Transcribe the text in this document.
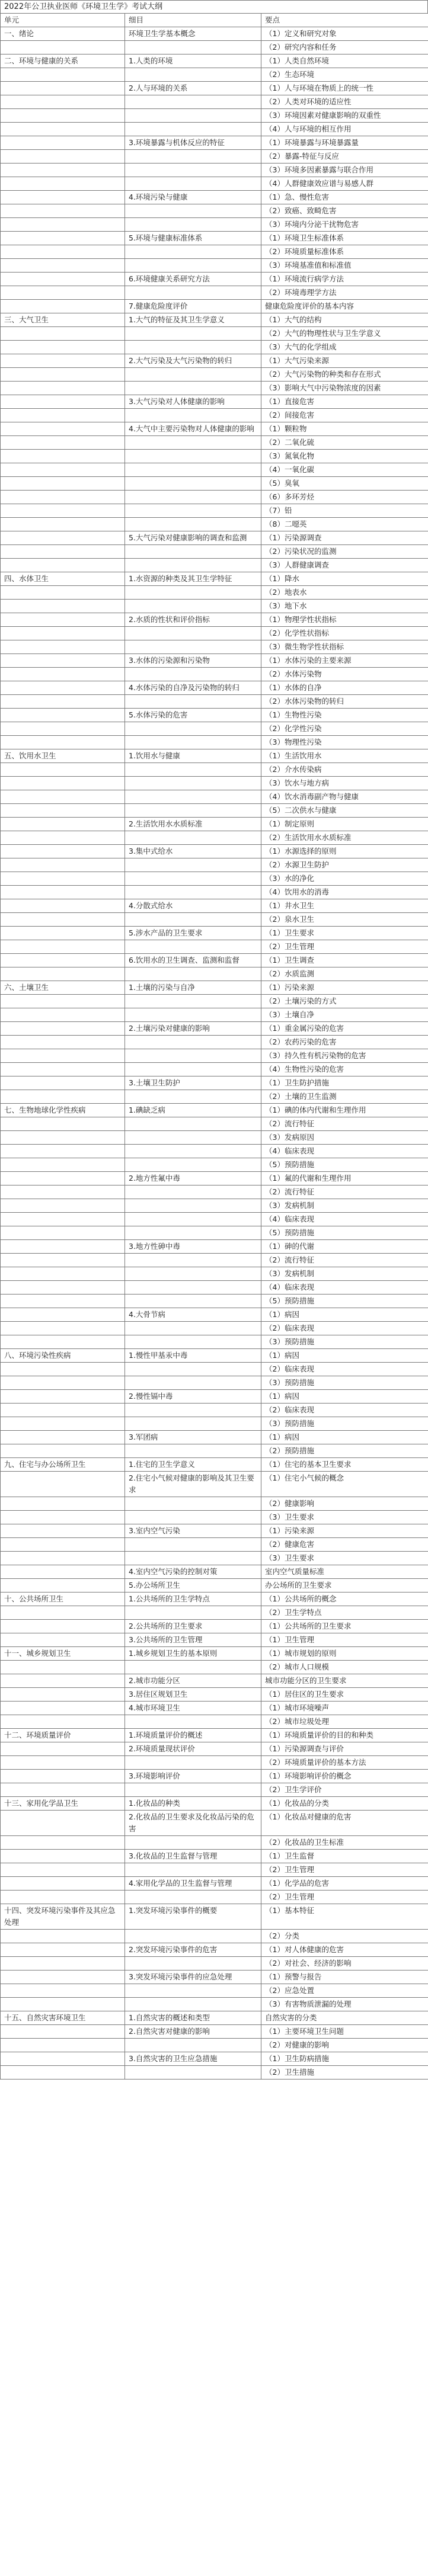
2022年公卫执业医师《环境卫生学》考试大纲
单元	细目	要点
一、绪论	环境卫生学基本概念	（1）定义和研究对象
		（2）研究内容和任务
二、环境与健康的关系	1.人类的环境	（1）人类自然环境
		（2）生态环境
	2.人与环境的关系	（1）人与环境在物质上的统一性
		（2）人类对环境的适应性
		（3）环境因素对健康影响的双重性
		（4）人与环境的相互作用
	3.环境暴露与机体反应的特征	（1）环境暴露与环境暴露量
		（2）暴露-特征与反应
		（3）环境多因素暴露与联合作用
		（4）人群健康效应谱与易感人群
	4.环境污染与健康	（1）急、慢性危害
		（2）致癌、致畸危害
		（3）环境内分泌干扰物危害
	5.环境与健康标准体系	（1）环境卫生标准体系
		（2）环境质量标准体系
		（3）环境基准值和标准值
	6.环境健康关系研究方法	（1）环境流行病学方法
		（2）环境毒理学方法
	7.健康危险度评价	健康危险度评价的基本内容
三、大气卫生	1.大气的特征及其卫生学意义	（1）大气的结构
		（2）大气的物理性状与卫生学意义
		（3）大气的化学组成
	2.大气污染及大气污染物的转归	（1）大气污染来源
		（2）大气污染物的种类和存在形式
		（3）影响大气中污染物浓度的因素
	3.大气污染对人体健康的影响	（1）直接危害
		（2）间接危害
	4.大气中主要污染物对人体健康的影响	（1）颗粒物
		（2）二氧化硫
		（3）氮氧化物
		（4）一氧化碳
		（5）臭氧
		（6）多环芳烃
		（7）铅
		（8）二噁英
	5.大气污染对健康影响的调查和监测	（1）污染源调查
		（2）污染状况的监测
		（3）人群健康调查
四、水体卫生	1.水资源的种类及其卫生学特征	（1）降水
		（2）地表水
		（3）地下水
	2.水质的性状和评价指标	（1）物理学性状指标
		（2）化学性状指标
		（3）微生物学性状指标
	3.水体的污染源和污染物	（1）水体污染的主要来源
		（2）水体污染物
	4.水体污染的自净及污染物的转归	（1）水体的自净
		（2）水体污染物的转归
	5.水体污染的危害	（1）生物性污染
		（2）化学性污染
		（3）物理性污染
五、饮用水卫生	1.饮用水与健康	（1）生活饮用水
		（2）介水传染病
		（3）饮水与地方病
		（4）饮水消毒副产物与健康
		（5）二次供水与健康
	2.生活饮用水水质标准	（1）制定原则
		（2）生活饮用水水质标准
	3.集中式给水	（1）水源选择的原则
		（2）水源卫生防护
		（3）水的净化
		（4）饮用水的消毒
	4.分散式给水	（1）井水卫生
		（2）泉水卫生
	5.涉水产品的卫生要求	（1）卫生要求
		（2）卫生管理
	6.饮用水的卫生调查、监测和监督	（1）卫生调查
		（2）水质监测
六、土壤卫生	1.土壤的污染与自净	（1）污染来源
		（2）土壤污染的方式
		（3）土壤自净
	2.土壤污染对健康的影响	（1）重金属污染的危害
		（2）农药污染的危害
		（3）持久性有机污染物的危害
		（4）生物性污染的危害
	3.土壤卫生防护	（1）卫生防护措施
		（2）土壤的卫生监测
七、生物地球化学性疾病	1.碘缺乏病	（1）碘的体内代谢和生理作用
		（2）流行特征
		（3）发病原因
		（4）临床表现
		（5）预防措施
	2.地方性氟中毒	（1）氟的代谢和生理作用
		（2）流行特征
		（3）发病机制
		（4）临床表现
		（5）预防措施
	3.地方性砷中毒	（1）砷的代谢
		（2）流行特征
		（3）发病机制
		（4）临床表现
		（5）预防措施
	4.大骨节病	（1）病因
		（2）临床表现
		（3）预防措施
八、环境污染性疾病	1.慢性甲基汞中毒	（1）病因
		（2）临床表现
		（3）预防措施
	2.慢性镉中毒	（1）病因
		（2）临床表现
		（3）预防措施
	3.军团病	（1）病因
		（2）预防措施
九、住宅与办公场所卫生	1.住宅的卫生学意义	（1）住宅的基本卫生要求
	2.住宅小气候对健康的影响及其卫生要求	（1）住宅小气候的概念
		（2）健康影响
		（3）卫生要求
	3.室内空气污染	（1）污染来源
		（2）健康危害
		（3）卫生要求
	4.室内空气污染的控制对策	室内空气质量标准
	5.办公场所卫生	办公场所的卫生要求
十、公共场所卫生	1.公共场所的卫生学特点	（1）公共场所的概念
		（2）卫生学特点
	2.公共场所的卫生要求	（1）公共场所的卫生要求
	3.公共场所的卫生管理	（1）卫生管理
十一、城乡规划卫生	1.城乡规划卫生的基本原则	（1）城市规划的原则
		（2）城市人口规模
	2.城市功能分区	城市功能分区的卫生要求
	3.居住区规划卫生	（1）居住区的卫生要求
	4.城市环境卫生	（1）城市环境噪声
		（2）城市垃圾处理
十二、环境质量评价	1.环境质量评价的概述	（1）环境质量评价的目的和种类
	2.环境质量现状评价	（1）污染源调查与评价
		（2）环境质量评价的基本方法
	3.环境影响评价	（1）环境影响评价的概念
		（2）卫生学评价
十三、家用化学品卫生	1.化妆品的种类	（1）化妆品的分类
	2.化妆品的卫生要求及化妆品污染的危害	（1）化妆品对健康的危害
		（2）化妆品的卫生标准
	3.化妆品的卫生监督与管理	（1）卫生监督
		（2）卫生管理
	4.家用化学品的卫生监督与管理	（1）化学品的危害
		（2）卫生管理
十四、突发环境污染事件及其应急处理	1.突发环境污染事件的概要	（1）基本特征
		（2）分类
	2.突发环境污染事件的危害	（1）对人体健康的危害
		（2）对社会、经济的影响
	3.突发环境污染事件的应急处理	（1）预警与报告
		（2）应急处置
		（3）有害物质泄漏的处理
十五、自然灾害环境卫生	1.自然灾害的概述和类型	自然灾害的分类
	2.自然灾害对健康的影响	（1）主要环境卫生问题
		（2）对健康的影响
	3.自然灾害的卫生应急措施	（1）卫生防病措施
		（2）卫生措施
